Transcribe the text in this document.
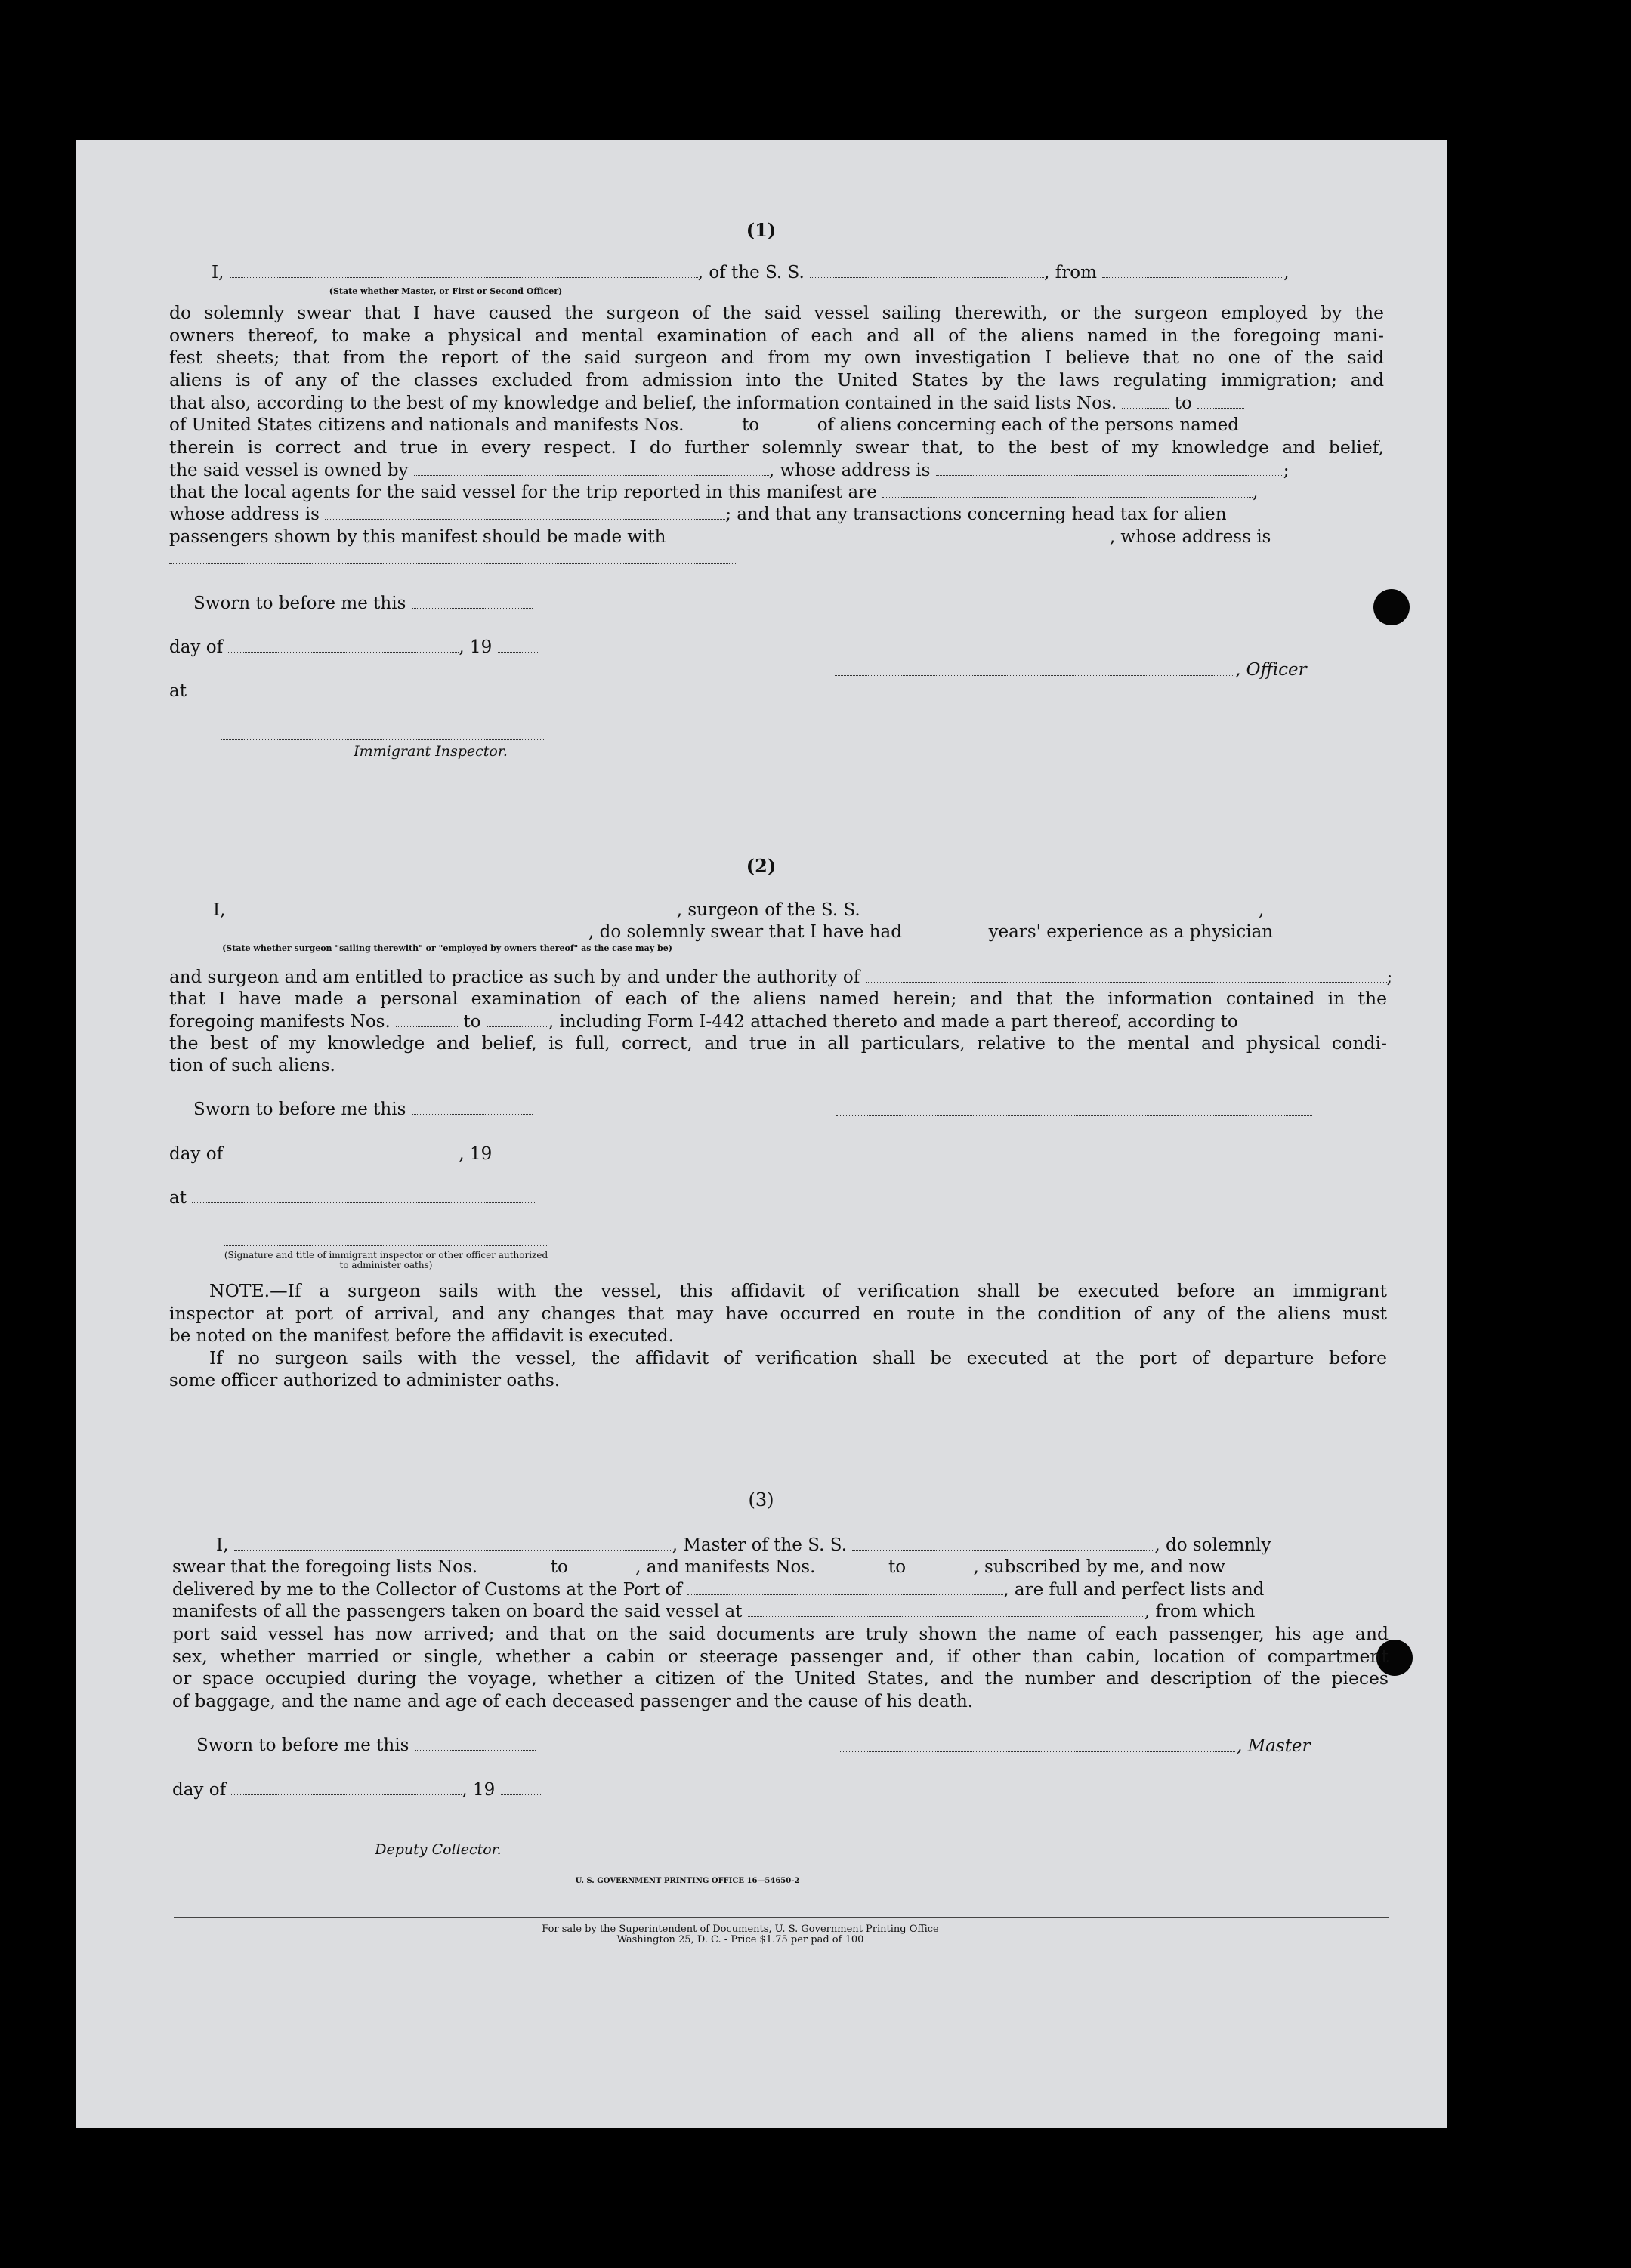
(1)
I,	, of the S. S.	, from	,
(State whether Master, or First or Second Officer)
do solemnly swear that I have caused the surgeon of the said vessel sailing therewith, or the surgeon employed by the
owners thereof, to make a physical and mental examination of each and all of the aliens named in the foregoing mani-
fest sheets; that from the report of the said surgeon and from my own investigation I believe that no one of the said
aliens is of any of the classes excluded from admission into the United States by the laws regulating immigration; and
that also, according to the best of my knowledge and belief, the information contained in the said lists Nos.	to
of United States citizens and nationals and manifests Nos.	to	of aliens concerning each of the persons named
therein is correct and true in every respect. I do further solemnly swear that, to the best of my knowledge and belief,
the said vessel is owned by	, whose address is	;
that the local agents for the said vessel for the trip reported in this manifest are	,
whose address is	; and that any transactions concerning head tax for alien
passengers shown by this manifest should be made with	, whose address is
Sworn to before me this
day of	, 19
, Officer
at
Immigrant Inspector.
(2)
I,	, surgeon of the S. S.	,
, do solemnly swear that I have had	years' experience as a physician
(State whether surgeon "sailing therewith" or "employed by owners thereof" as the case may be)
and surgeon and am entitled to practice as such by and under the authority of	;
that I have made a personal examination of each of the aliens named herein; and that the information contained in the
foregoing manifests Nos.	to	, including Form I-442 attached thereto and made a part thereof, according to
the best of my knowledge and belief, is full, correct, and true in all particulars, relative to the mental and physical condi-
tion of such aliens.
Sworn to before me this
day of	, 19
at
(Signature and title of immigrant inspector or other officer authorized to administer oaths)
NOTE.—If a surgeon sails with the vessel, this affidavit of verification shall be executed before an immigrant
inspector at port of arrival, and any changes that may have occurred en route in the condition of any of the aliens must
be noted on the manifest before the affidavit is executed.
If no surgeon sails with the vessel, the affidavit of verification shall be executed at the port of departure before
some officer authorized to administer oaths.
(3)
I,	, Master of the S. S.	, do solemnly
swear that the foregoing lists Nos.	to	, and manifests Nos.	to	, subscribed by me, and now
delivered by me to the Collector of Customs at the Port of	, are full and perfect lists and
manifests of all the passengers taken on board the said vessel at	, from which
port said vessel has now arrived; and that on the said documents are truly shown the name of each passenger, his age and
sex, whether married or single, whether a cabin or steerage passenger and, if other than cabin, location of compartment
or space occupied during the voyage, whether a citizen of the United States, and the number and description of the pieces
of baggage, and the name and age of each deceased passenger and the cause of his death.
Sworn to before me this	, Master
day of	, 19
Deputy Collector.
U. S. GOVERNMENT PRINTING OFFICE 16—54650-2
For sale by the Superintendent of Documents, U. S. Government Printing Office
Washington 25, D. C. - Price $1.75 per pad of 100
